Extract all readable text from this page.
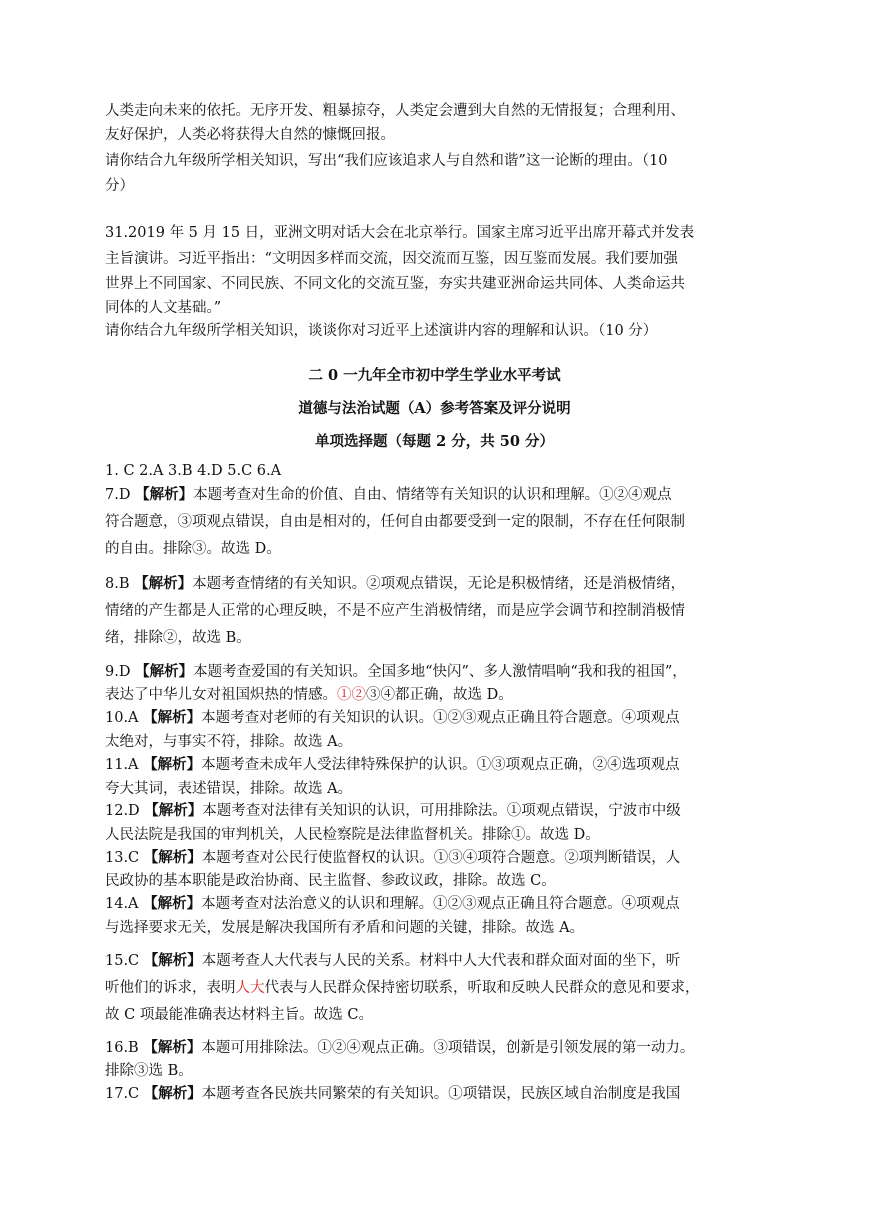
人类走向未来的依托。无序开发、粗暴掠夺，人类定会遭到大自然的无情报复；合理利用、
友好保护，人类必将获得大自然的慷慨回报。
请你结合九年级所学相关知识，写出“我们应该追求人与自然和谐”这一论断的理由。（10
分）
31.2019 年 5 月 15 日，亚洲文明对话大会在北京举行。国家主席习近平出席开幕式并发表
主旨演讲。习近平指出：“文明因多样而交流，因交流而互鉴，因互鉴而发展。我们要加强
世界上不同国家、不同民族、不同文化的交流互鉴，夯实共建亚洲命运共同体、人类命运共
同体的人文基础。”
请你结合九年级所学相关知识，谈谈你对习近平上述演讲内容的理解和认识。（10 分）
二 0 一九年全市初中学生学业水平考试
道德与法治试题（A）参考答案及评分说明
单项选择题（每题 2 分，共 50 分）
1. C 2.A 3.B 4.D 5.C 6.A
7.D 【解析】本题考查对生命的价值、自由、情绪等有关知识的认识和理解。①②④观点
符合题意，③项观点错误，自由是相对的，任何自由都要受到一定的限制，不存在任何限制
的自由。排除③。故选 D。
8.B 【解析】本题考查情绪的有关知识。②项观点错误，无论是积极情绪，还是消极情绪，
情绪的产生都是人正常的心理反映，不是不应产生消极情绪，而是应学会调节和控制消极情
绪，排除②，故选 B。
9.D 【解析】本题考查爱国的有关知识。全国多地“快闪”、多人激情唱响“我和我的祖国”，
表达了中华儿女对祖国炽热的情感。①②③④都正确，故选 D。
10.A 【解析】本题考查对老师的有关知识的认识。①②③观点正确且符合题意。④项观点
太绝对，与事实不符，排除。故选 A。
11.A 【解析】本题考查未成年人受法律特殊保护的认识。①③项观点正确，②④选项观点
夸大其词，表述错误，排除。故选 A。
12.D 【解析】本题考查对法律有关知识的认识，可用排除法。①项观点错误，宁波市中级
人民法院是我国的审判机关，人民检察院是法律监督机关。排除①。故选 D。
13.C 【解析】本题考查对公民行使监督权的认识。①③④项符合题意。②项判断错误，人
民政协的基本职能是政治协商、民主监督、参政议政，排除。故选 C。
14.A 【解析】本题考查对法治意义的认识和理解。①②③观点正确且符合题意。④项观点
与选择要求无关，发展是解决我国所有矛盾和问题的关键，排除。故选 A。
15.C 【解析】本题考查人大代表与人民的关系。材料中人大代表和群众面对面的坐下，听
听他们的诉求，表明人大代表与人民群众保持密切联系，听取和反映人民群众的意见和要求，
故 C 项最能准确表达材料主旨。故选 C。
16.B 【解析】本题可用排除法。①②④观点正确。③项错误，创新是引领发展的第一动力。
排除③选 B。
17.C 【解析】本题考查各民族共同繁荣的有关知识。①项错误，民族区域自治制度是我国
